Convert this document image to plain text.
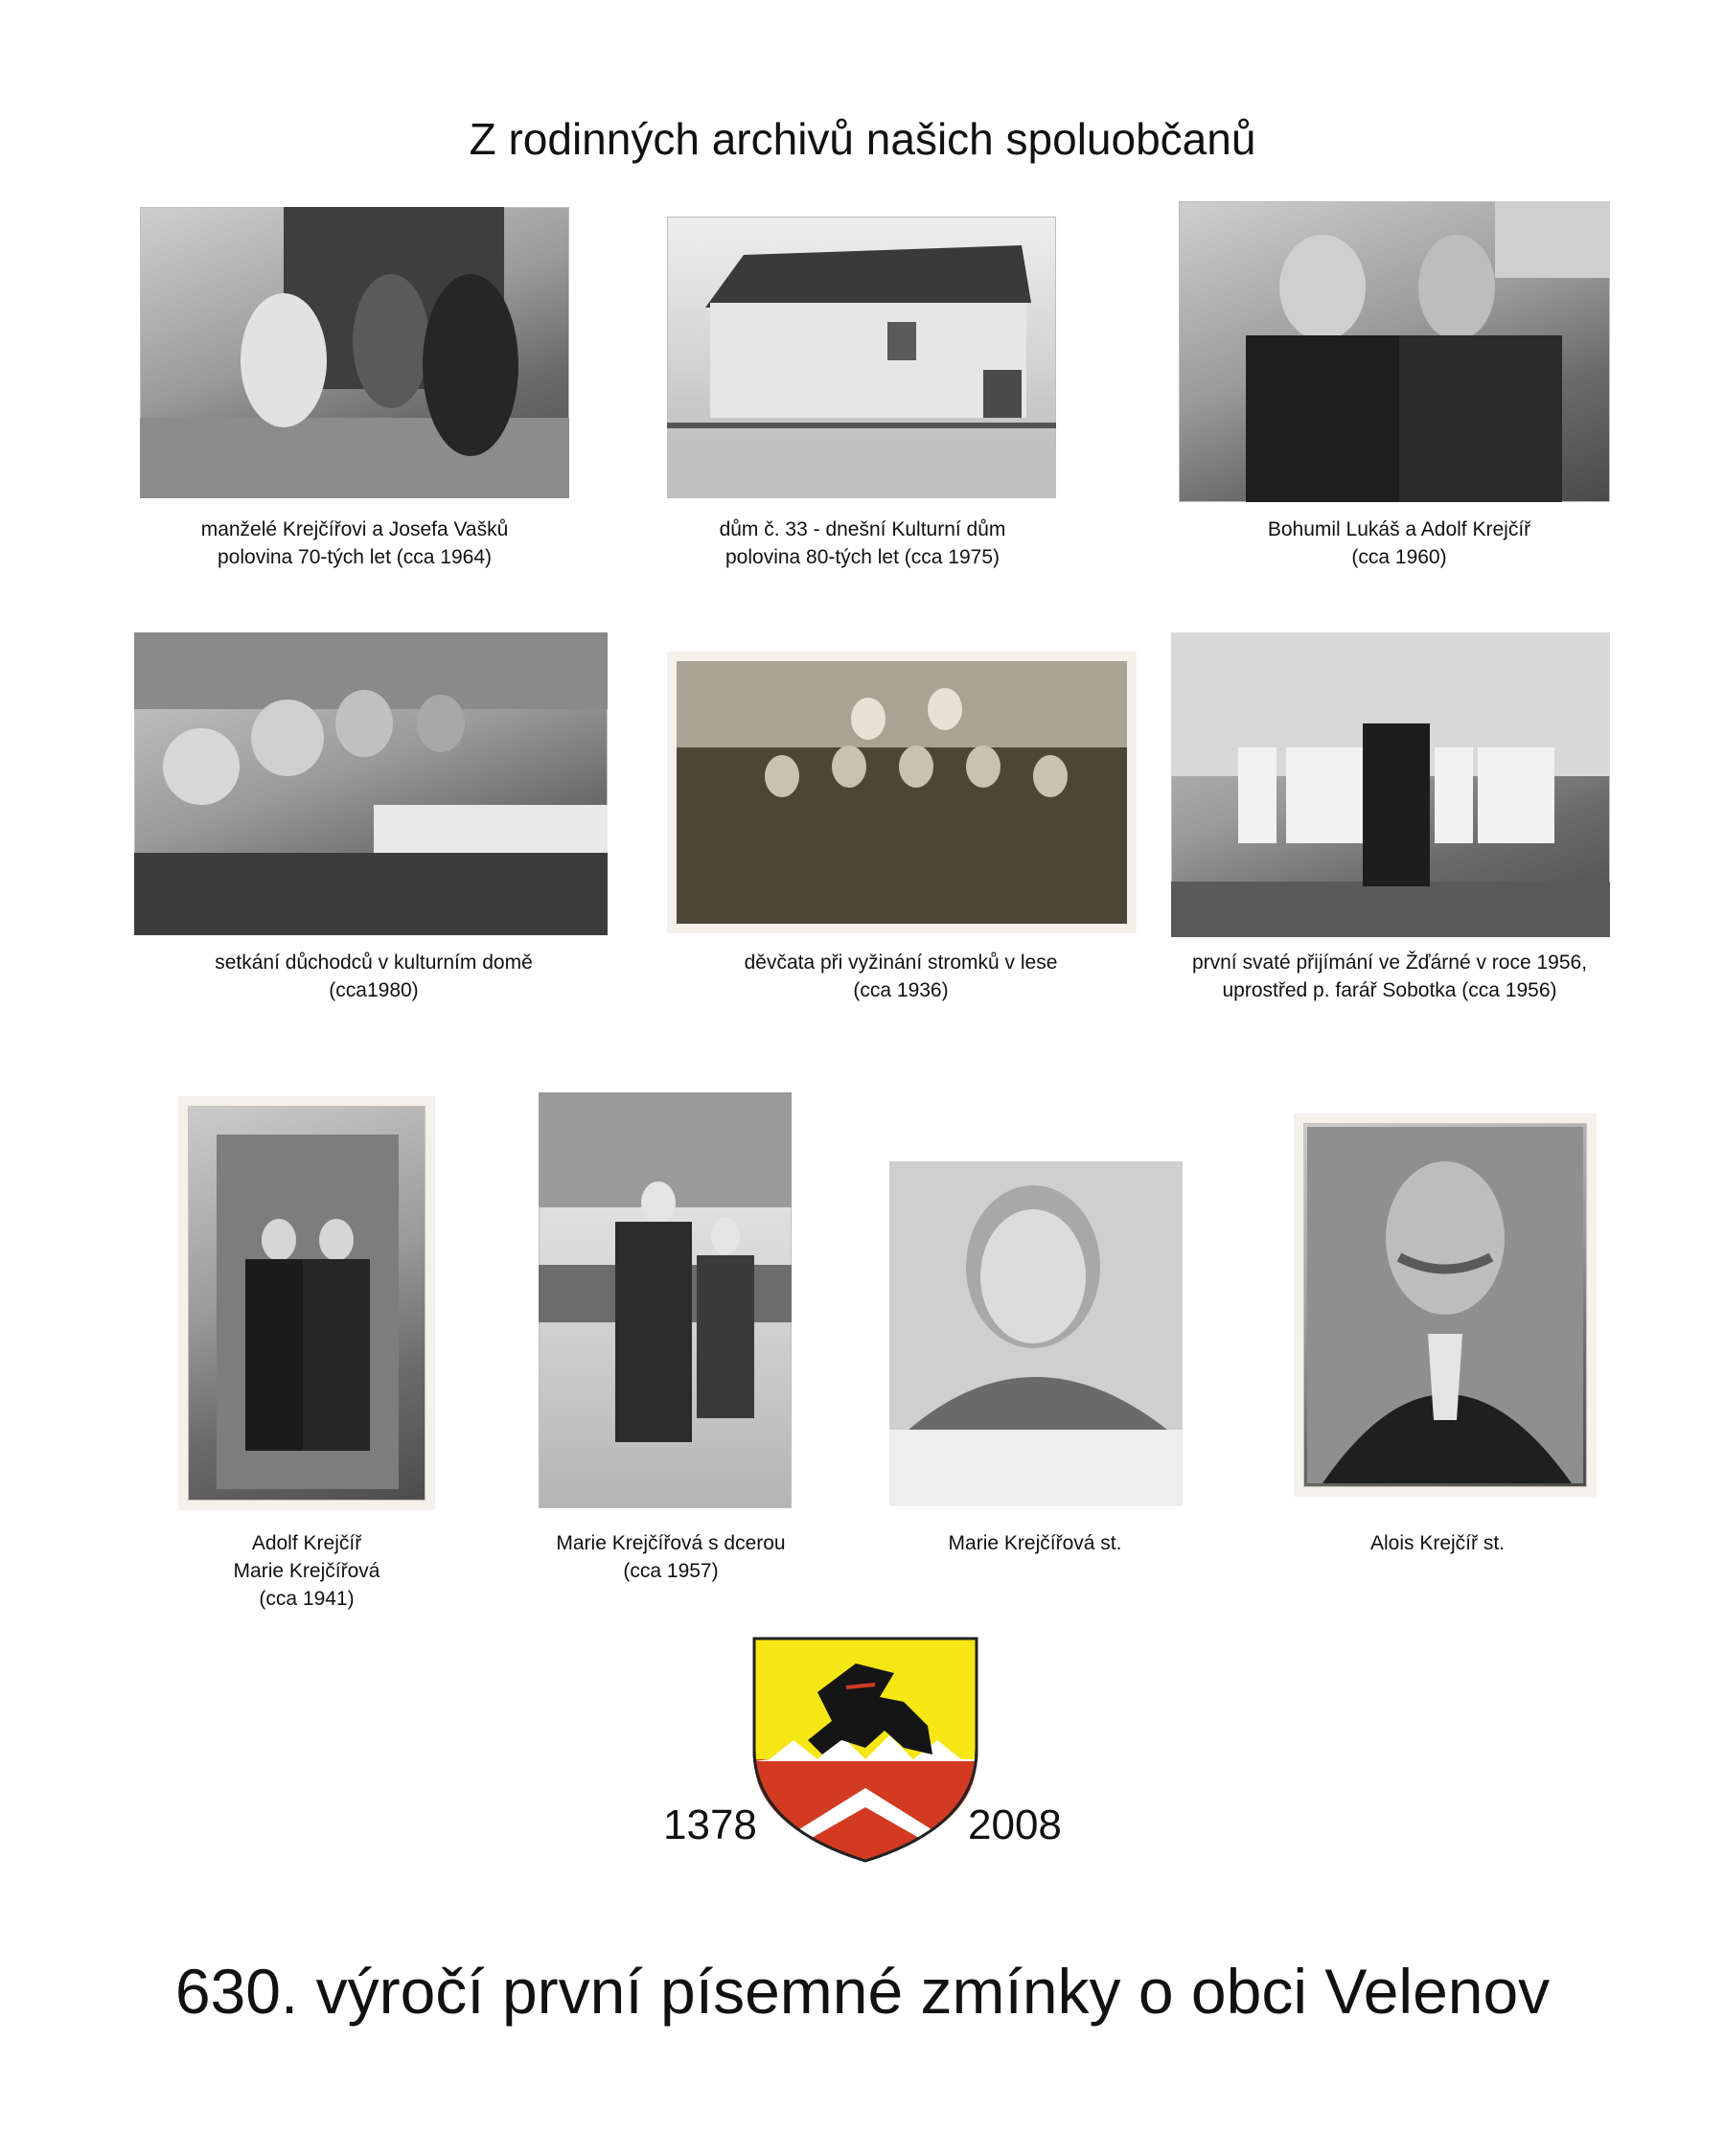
Z rodinných archivů našich spoluobčanů
manželé Krejčířovi a Josefa Vašků
polovina 70-tých let (cca 1964)
dům č. 33 - dnešní Kulturní dům
polovina 80-tých let (cca 1975)
Bohumil Lukáš a Adolf Krejčíř
(cca 1960)
setkání důchodců v kulturním domě
(cca1980)
děvčata při vyžinání stromků v lese
(cca 1936)
první svaté přijímání ve Žďárné v roce 1956,
uprostřed p. farář Sobotka (cca 1956)
Adolf Krejčíř
Marie Krejčířová
(cca 1941)
Marie Krejčířová s dcerou
(cca 1957)
Marie Krejčířová st.	Alois Krejčíř st.
1378	2008
630. výročí první písemné zmínky o obci Velenov
